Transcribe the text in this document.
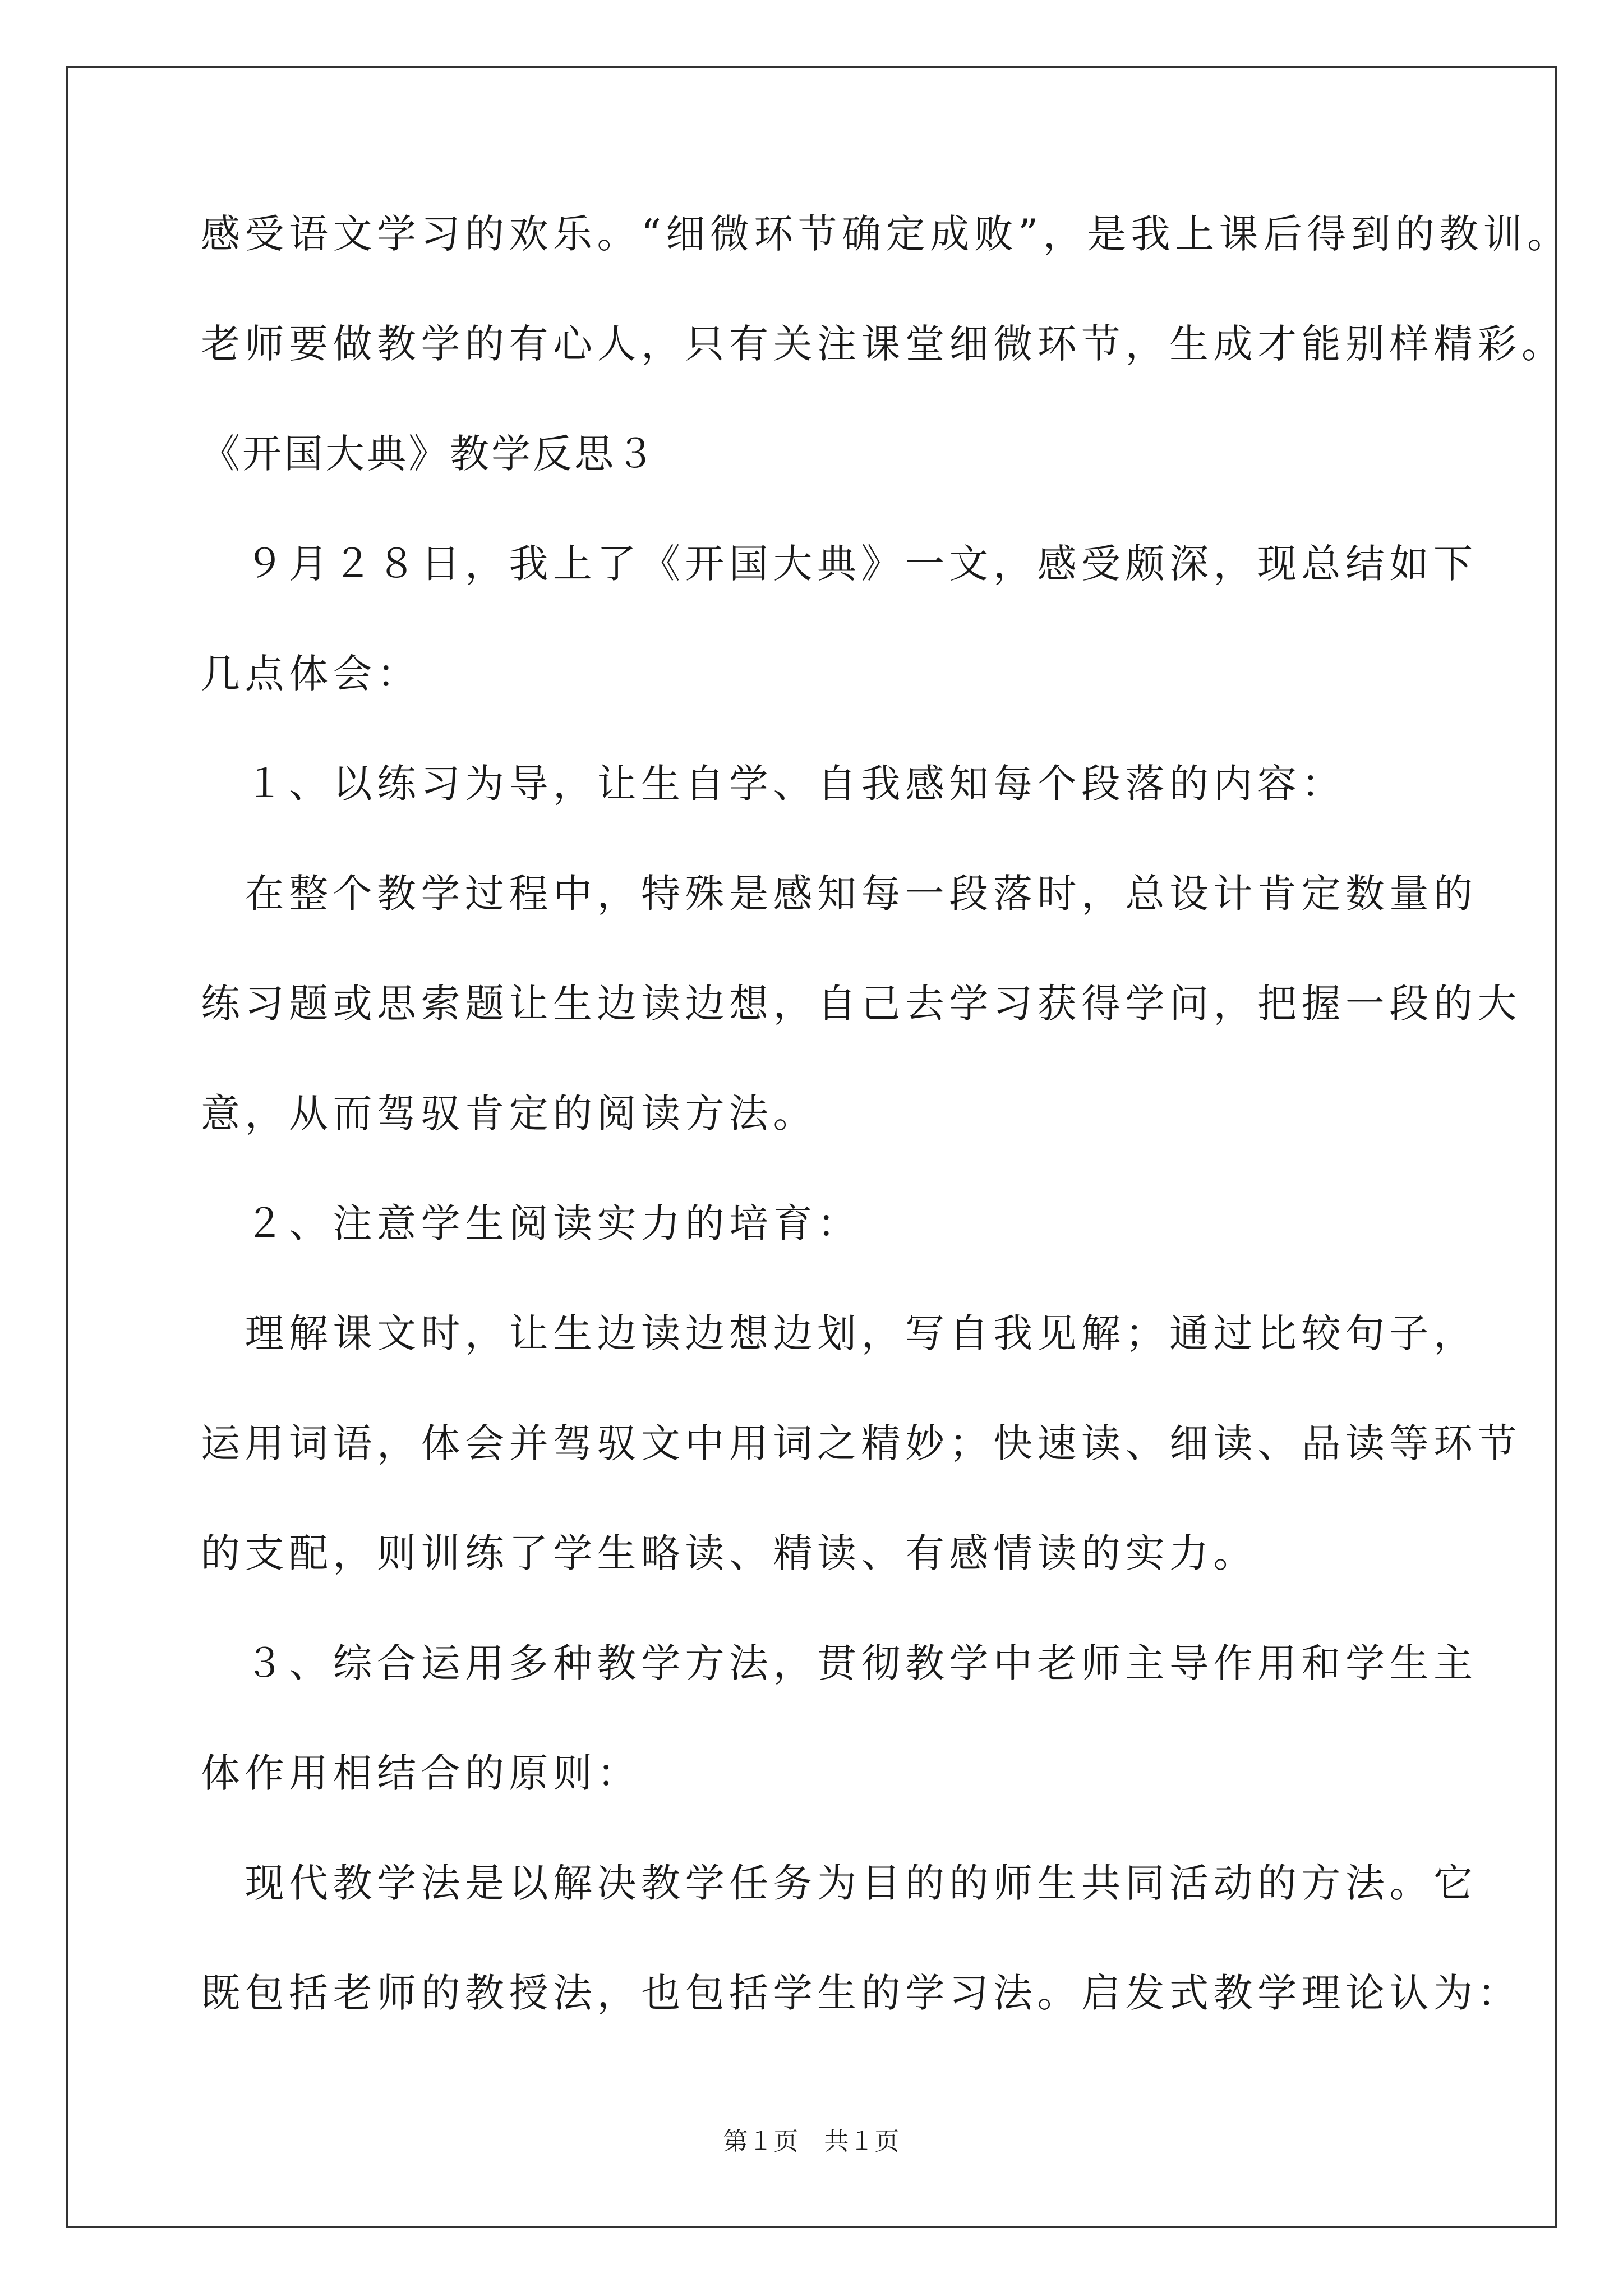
感受语文学习的欢乐。“细微环节确定成败”，是我上课后得到的教训。

老师要做教学的有心人，只有关注课堂细微环节，生成才能别样精彩。

《开国大典》教学反思３

　９月２８日，我上了《开国大典》一文，感受颇深，现总结如下

几点体会：

　１、以练习为导，让生自学、自我感知每个段落的内容：

　在整个教学过程中，特殊是感知每一段落时，总设计肯定数量的

练习题或思索题让生边读边想，自己去学习获得学问，把握一段的大

意，从而驾驭肯定的阅读方法。

　２、注意学生阅读实力的培育：

　理解课文时，让生边读边想边划，写自我见解；通过比较句子，

运用词语，体会并驾驭文中用词之精妙；快速读、细读、品读等环节

的支配，则训练了学生略读、精读、有感情读的实力。

　３、综合运用多种教学方法，贯彻教学中老师主导作用和学生主

体作用相结合的原则：

　现代教学法是以解决教学任务为目的的师生共同活动的方法。它

既包括老师的教授法，也包括学生的学习法。启发式教学理论认为：

第１页　共１页
